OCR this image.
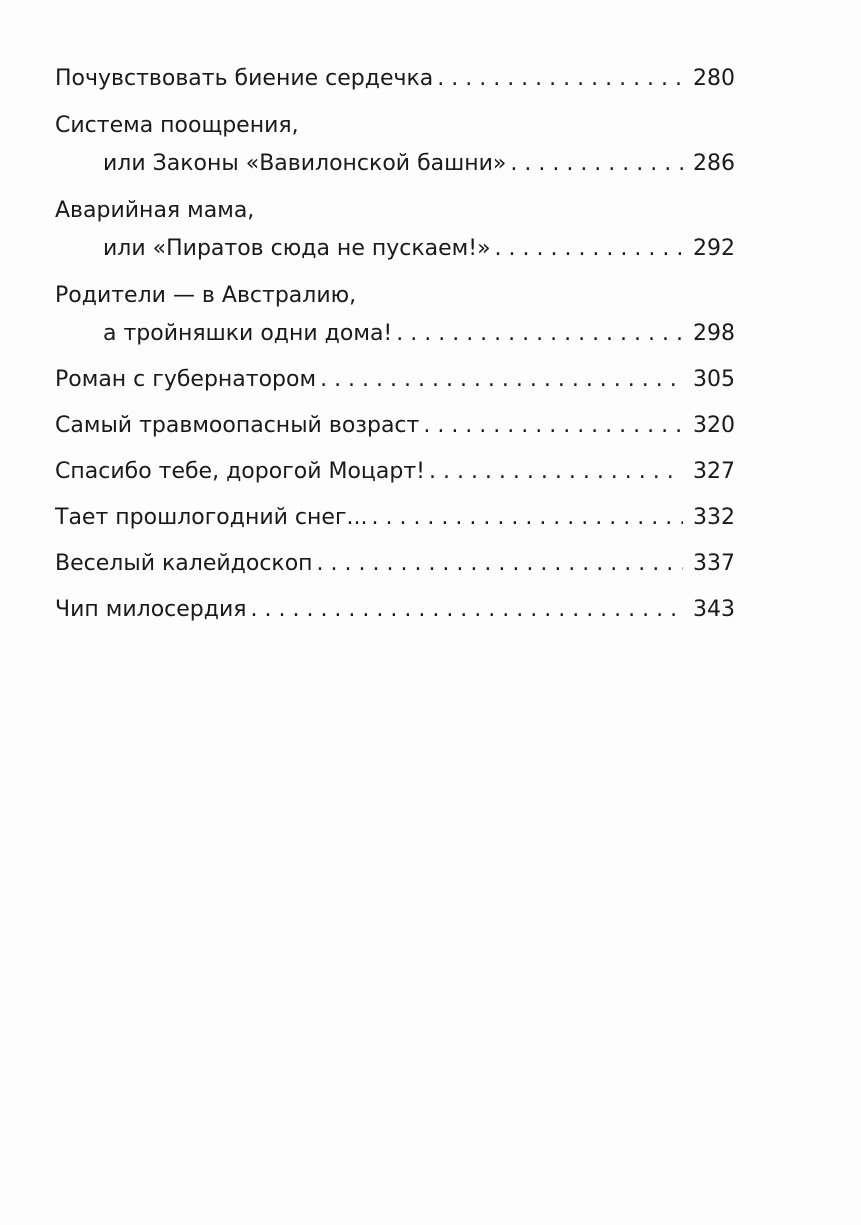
Почувствовать биение сердечка . . .	280
Система поощрения,
или Законы «Вавилонской башни» . . .	286
Аварийная мама,
или «Пиратов сюда не пускаем!» . . .	292
Родители — в Австралию,
а тройняшки одни дома! . . .	298
Роман с губернатором . . .	305
Самый травмоопасный возраст . . .	320
Спасибо тебе, дорогой Моцарт! . . .	327
Тает прошлогодний снег... . . .	332
Веселый калейдоскоп . . .	337
Чип милосердия . . .	343
